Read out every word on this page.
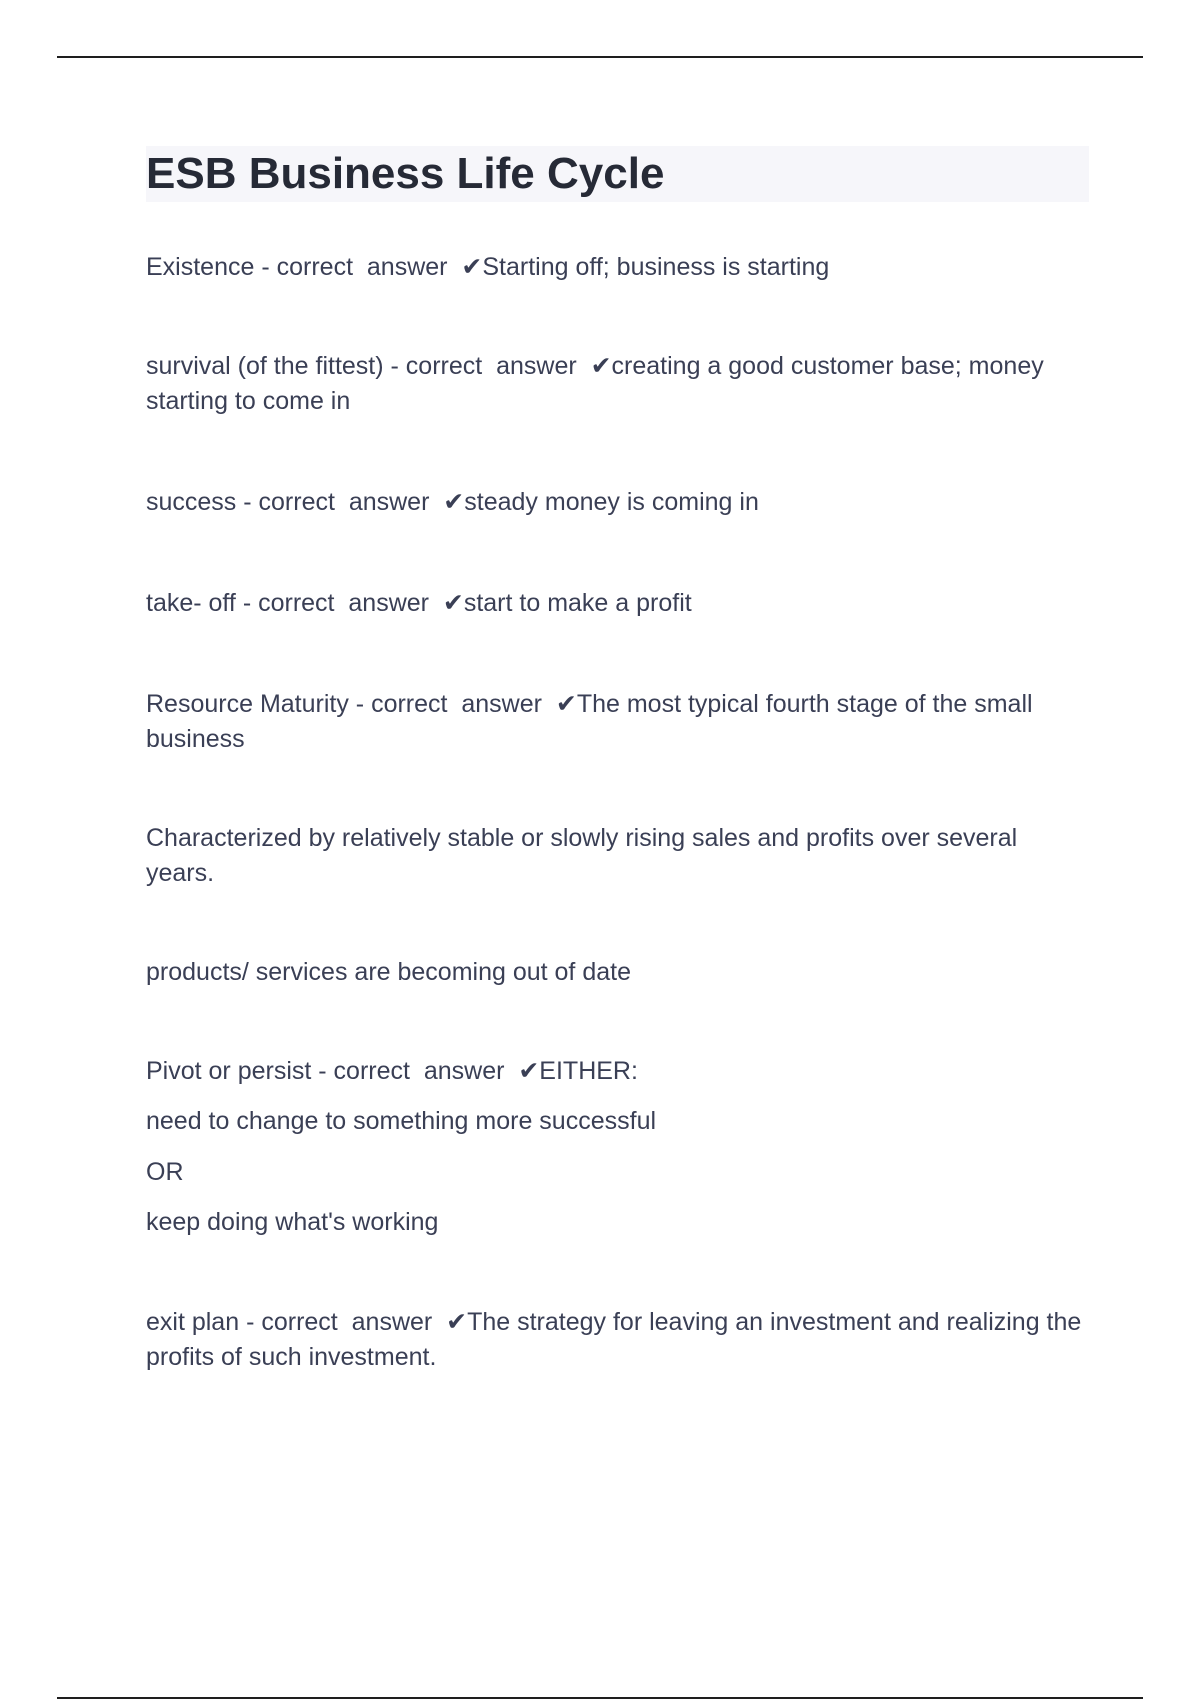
ESB Business Life Cycle

Existence - correct  answer  ✔Starting off; business is starting

survival (of the fittest) - correct  answer  ✔creating a good customer base; money starting to come in

success - correct  answer  ✔steady money is coming in

take- off - correct  answer  ✔start to make a profit

Resource Maturity - correct  answer  ✔The most typical fourth stage of the small business

Characterized by relatively stable or slowly rising sales and profits over several years.

products/ services are becoming out of date

Pivot or persist - correct  answer  ✔EITHER:

need to change to something more successful

OR

keep doing what's working

exit plan - correct  answer  ✔The strategy for leaving an investment and realizing the profits of such investment.
